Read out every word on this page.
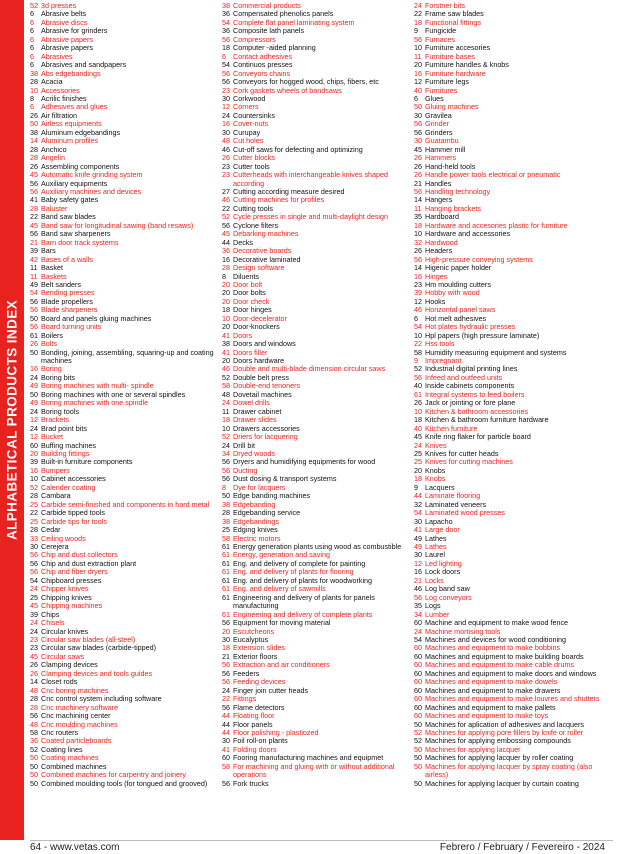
ALPHABETICAL PRODUCTS INDEX
52 3d presses
6 Abrasive belts
6 Abrasive discs
6 Abrasive for grinders
6 Abrasive papers
6 Abrasive papers
6 Abrasives
6 Abrasives and sandpapers
38 Abs edgebandings
28 Acacia
10 Accessories
8 Acrilic finishes
6 Adhesives and glues
26 Air filtration
50 Airless equipments
38 Aluminum edgebandings
14 Aluminum profiles
28 Anchico
28 Angelin
26 Assembling components
45 Automatic knife grinding system
56 Auxiliary equipments
56 Auxiliary machines and devices
41 Baby safety gates
28 Baluster
22 Band saw blades
45 Band saw for longitudinal sawing (band resaws)
56 Band saw sharpeners
21 Barn door track systems
39 Bars
42 Bases of a walls
11 Basket
11 Baskets
49 Belt sanders
54 Bending presses
56 Blade propellers
56 Blade sharpeners
50 Board and panels gluing machines
56 Board turning units
61 Boilers
26 Bolts
50 Bonding, joining, assembling, squaring-up and coating machines
16 Boring
24 Boring bits
49 Boring machines with multi- spindle
50 Boring machines with one or several spindles
49 Boring machines with one spindle
24 Boring tools
12 Brackets
24 Brad point bits
12 Bucket
60 Buffing machines
20 Building fittings
39 Built-in furniture components
16 Bumpers
10 Cabinet accessories
52 Calender coating
28 Cambara
25 Carbide semi-finished and components in hard metal
22 Carbide tipped tools
25 Carbide tips for tools
28 Cedar
33 Ceiling woods
30 Cerejera
56 Chip and dust collectors
56 Chip and dust extraction plant
56 Chip and fiber dryers
54 Chipboard presses
24 Chipper knives
25 Chipping knives
45 Chipping machines
39 Chips
24 Chisels
24 Circular knives
23 Circular saw blades (all-steel)
23 Circular saw blades (carbide-tipped)
45 Circular saws
26 Clamping devices
26 Clamping devices and tools guides
14 Closet rods
48 Cnc boring machines
28 Cnc control system including software
28 Cnc machinery software
56 Cnc machining center
48 Cnc moulding machines
58 Cnc routers
36 Coated particleboards
52 Coating lines
50 Coating machines
50 Combined machines
50 Combined machines for carpentry and joinery
50 Combined moulding tools (for tongued and grooved)
38 Commercial products
36 Compensated phenolics panels
54 Complete flat panel laminating system
36 Composite lath panels
56 Compressors
18 Computer -aided planning
6 Contact adhesives
54 Continuos presses
56 Conveyors chains
56 Conveyors for hogged wood, chips, fibers, etc
23 Cork gaskets wheels of bandsaws
30 Corkwood
12 Corners
24 Countersinks
16 Cover-nuts
30 Curupay
48 Cut holes
46 Cut-off saws for defecting and optimizing
26 Cutter blocks
23 Cutter tools
23 Cutterheads with interchangeable knives shaped according
27 Cutting according measure desired
46 Cutting machines for profiles
22 Cutting tools
52 Cycle presses in single and multi-daylight design
56 Cyclone filters
45 Debarking machines
44 Decks
36 Decorative boards
16 Decorative laminated
28 Design software
8 Diluents
20 Door bolt
20 Door bolts
20 Door check
18 Door hinges
10 Door-decelerator
20 Door-knockers
41 Doors
38 Doors and windows
41 Doors filler
20 Doors hardware
46 Double and multi-blade dimension circular saws
52 Double belt press
58 Double-end tenoners
48 Dovetail machines
24 Dowel drills
11 Drawer cabinet
18 Drawer slides
10 Drawers accessories
52 Driers for lacquering
24 Drill bit
34 Dryed woods
56 Dryers and humidifying equipments for wood
56 Ducting
56 Dust dosing & transport systems
8 Dye for lacquers
50 Edge banding machines
38 Edgebanding
28 Edgebanding service
38 Edgebandings
25 Edging knives
58 Electric motors
61 Energy generation plants using wood as combustible
61 Energy, generation and saving
61 Eng. and delivery of complete for painting
61 Eng. and delivery of plants for flooring
61 Eng. and delivery of plants for woodworking
61 Eng. and delivery of sawmills
61 Engineering and delivery of plants for panels manufacturing
61 Engineering and delivery of complete plants
56 Equipment for moving material
20 Escutcheons
30 Eucalyptus
18 Extension slides
21 Exterior floors
56 Extraction and air conditioners
56 Feeders
56 Feeding devices
24 Finger join cutter heads
22 Fittings
56 Flame detectors
44 Floating floor
44 Floor panels
44 Floor polishing - plastiozed
30 Foil roll-on plants
41 Folding doors
60 Fooring manufacturing machines and equipmet
58 For machining and gluing with or without additional operations
56 Fork trucks
24 Forstner bits
22 Frame saw blades
18 Functional fittings
9 Fungicide
56 Furnaces
10 Furniture accesories
11 Furniture bases
20 Furniture handles & knobs
16 Furniture hardware
12 Furniture legs
40 Furnitures
6 Glues
50 Gluing machines
30 Gravilea
56 Grinder
56 Grinders
30 Guatambu
45 Hammer mill
26 Hammers
26 Hand-held tools
26 Handle power tools electrical or pneumatic
21 Handles
56 Handling technology
14 Hangers
11 Hanging brackets
35 Hardboard
18 Hardware and accesories plastic for furniture
10 Hardware and accessories
32 Hardwood
26 Headers
56 High-pressure conveying systems
14 Higenic paper holder
16 Hinges
23 Hm moulding cutters
39 Hobby with wood
12 Hooks
46 Horizontal panel saws
6 Hot melt adhesives
54 Hot plates hydraulic presses
10 Hpl papers (high pressure laminate)
22 Hss tools
58 Humidity measuring equipment and systems
9 Impregnant
52 Industrial digital printing lines
56 Infeed and outfeed units
40 Inside cabinets components
61 Integral systems to feed boilers
26 Jack or jointing or fore plane
10 Kitchen & bathroom accessories
18 Kitchen & bathroom furniture hardware
40 Kitchen furniture
45 Knife ring flaker for particle board
24 Knives
25 Knives for cutter heads
25 Knives for cutting machines
20 Knobs
18 Knobs
9 Lacquers
44 Laminate flooring
32 Laminated veneers
54 Laminated wood presses
30 Lapacho
41 Large door
49 Lathes
49 Lathes
30 Laurel
12 Led lighting
16 Lock doors
21 Locks
46 Log band saw
56 Log conveyors
35 Logs
34 Lumber
60 Machine and equipment to make wood fence
24 Machine mortising tools
54 Machines and devices for wood conditioning
60 Machines and equipment to make bobbins
60 Machines and equipment to make building boards
60 Machines and equipment to make cable drums
60 Machines and equipment to make doors and windows
60 Machines and equipment to make dowels
60 Machines and equipment to make drawers
60 Machines and equipment to make louvres and shutters
60 Machines and equipment to make pallets
60 Machines and equipment to make toys
50 Machines for aplication of adhesives and lacquers
52 Machines for applying pore fillers by knife or roller
52 Machines for applying embossing compounds
50 Machines for applying lacquer
50 Machines for applying lacquer by roller coating
50 Machines for applying lacquer by spray coating (also airless)
50 Machines for applying lacquer by curtain coating
64 - www.vetas.com	Febrero / February / Fevereiro - 2024
